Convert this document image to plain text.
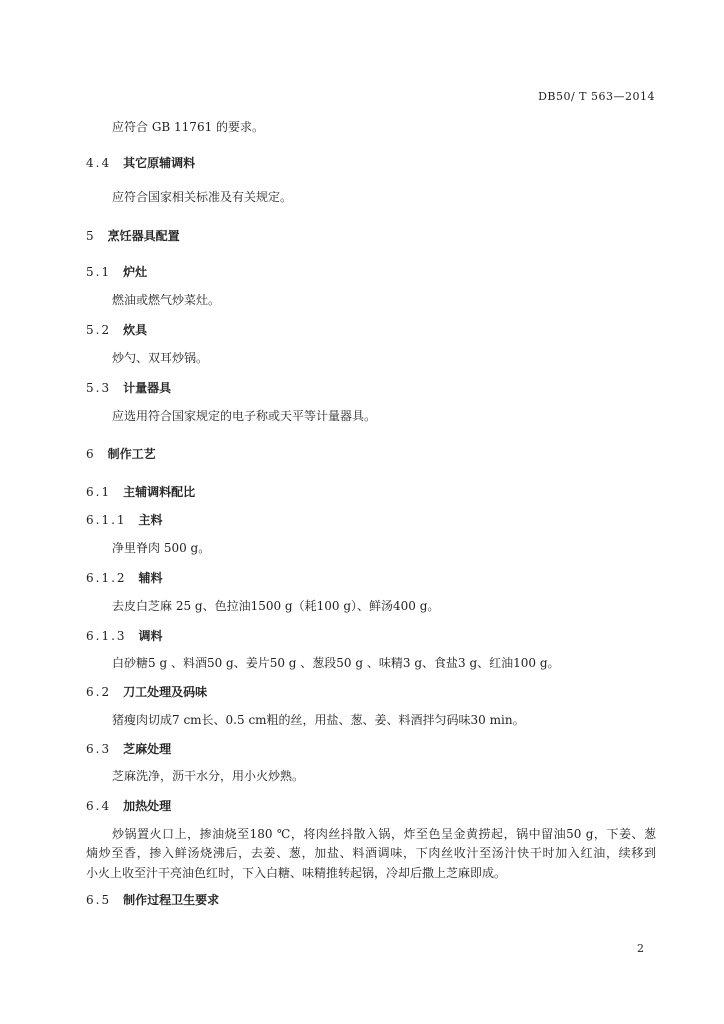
DB50/ T 563—2014
应符合 GB 11761 的要求。
4.4 其它原辅调料
应符合国家相关标准及有关规定。
5 烹饪器具配置
5.1 炉灶
燃油或燃气炒菜灶。
5.2 炊具
炒勺、双耳炒锅。
5.3 计量器具
应选用符合国家规定的电子称或天平等计量器具。
6 制作工艺
6.1 主辅调料配比
6.1.1 主料
净里脊肉 500 g。
6.1.2 辅料
去皮白芝麻 25 g、色拉油1500 g（耗100 g）、鲜汤400 g。
6.1.3 调料
白砂糖5 g 、料酒50 g、姜片50 g 、葱段50 g 、味精3 g、食盐3 g、红油100 g。
6.2 刀工处理及码味
猪瘦肉切成7 cm长、0.5 cm粗的丝，用盐、葱、姜、料酒拌匀码味30 min。
6.3 芝麻处理
芝麻洗净，沥干水分，用小火炒熟。
6.4 加热处理
炒锅置火口上，掺油烧至180 ℃，将肉丝抖散入锅，炸至色呈金黄捞起，锅中留油50 g，下姜、葱
煵炒至香，掺入鲜汤烧沸后，去姜、葱，加盐、料酒调味，下肉丝收汁至汤汁快干时加入红油，续移到
小火上收至汁干亮油色红时，下入白糖、味精推转起锅，冷却后撒上芝麻即成。
6.5 制作过程卫生要求
2
